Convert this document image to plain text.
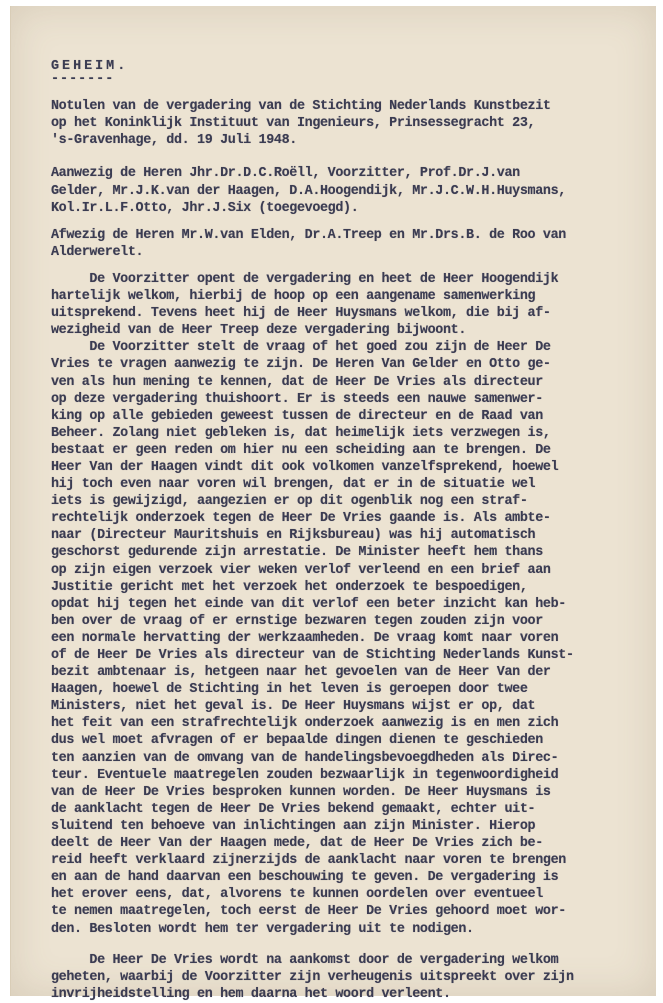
GEHEIM.
-------
Notulen van de vergadering van de Stichting Nederlands Kunstbezit
op het Koninklijk Instituut van Ingenieurs, Prinsessegracht 23,
's-Gravenhage, dd. 19 Juli 1948.
Aanwezig de Heren Jhr.Dr.D.C.Roëll, Voorzitter, Prof.Dr.J.van
Gelder, Mr.J.K.van der Haagen, D.A.Hoogendijk, Mr.J.C.W.H.Huysmans,
Kol.Ir.L.F.Otto, Jhr.J.Six (toegevoegd).
Afwezig de Heren Mr.W.van Elden, Dr.A.Treep en Mr.Drs.B. de Roo van
Alderwerelt.
De Voorzitter opent de vergadering en heet de Heer Hoogendijk
hartelijk welkom, hierbij de hoop op een aangename samenwerking
uitsprekend. Tevens heet hij de Heer Huysmans welkom, die bij af-
wezigheid van de Heer Treep deze vergadering bijwoont.
De Voorzitter stelt de vraag of het goed zou zijn de Heer De
Vries te vragen aanwezig te zijn. De Heren Van Gelder en Otto ge-
ven als hun mening te kennen, dat de Heer De Vries als directeur
op deze vergadering thuishoort. Er is steeds een nauwe samenwer-
king op alle gebieden geweest tussen de directeur en de Raad van
Beheer. Zolang niet gebleken is, dat heimelijk iets verzwegen is,
bestaat er geen reden om hier nu een scheiding aan te brengen. De
Heer Van der Haagen vindt dit ook volkomen vanzelfsprekend, hoewel
hij toch even naar voren wil brengen, dat er in de situatie wel
iets is gewijzigd, aangezien er op dit ogenblik nog een straf-
rechtelijk onderzoek tegen de Heer De Vries gaande is. Als ambte-
naar (Directeur Mauritshuis en Rijksbureau) was hij automatisch
geschorst gedurende zijn arrestatie. De Minister heeft hem thans
op zijn eigen verzoek vier weken verlof verleend en een brief aan
Justitie gericht met het verzoek het onderzoek te bespoedigen,
opdat hij tegen het einde van dit verlof een beter inzicht kan heb-
ben over de vraag of er ernstige bezwaren tegen zouden zijn voor
een normale hervatting der werkzaamheden. De vraag komt naar voren
of de Heer De Vries als directeur van de Stichting Nederlands Kunst-
bezit ambtenaar is, hetgeen naar het gevoelen van de Heer Van der
Haagen, hoewel de Stichting in het leven is geroepen door twee
Ministers, niet het geval is. De Heer Huysmans wijst er op, dat
het feit van een strafrechtelijk onderzoek aanwezig is en men zich
dus wel moet afvragen of er bepaalde dingen dienen te geschieden
ten aanzien van de omvang van de handelingsbevoegdheden als Direc-
teur. Eventuele maatregelen zouden bezwaarlijk in tegenwoordigheid
van de Heer De Vries besproken kunnen worden. De Heer Huysmans is
de aanklacht tegen de Heer De Vries bekend gemaakt, echter uit-
sluitend ten behoeve van inlichtingen aan zijn Minister. Hierop
deelt de Heer Van der Haagen mede, dat de Heer De Vries zich be-
reid heeft verklaard zijnerzijds de aanklacht naar voren te brengen
en aan de hand daarvan een beschouwing te geven. De vergadering is
het erover eens, dat, alvorens te kunnen oordelen over eventueel
te nemen maatregelen, toch eerst de Heer De Vries gehoord moet wor-
den. Besloten wordt hem ter vergadering uit te nodigen.
De Heer De Vries wordt na aankomst door de vergadering welkom
geheten, waarbij de Voorzitter zijn verheugenis uitspreekt over zijn
invrijheidstelling en hem daarna het woord verleent.
